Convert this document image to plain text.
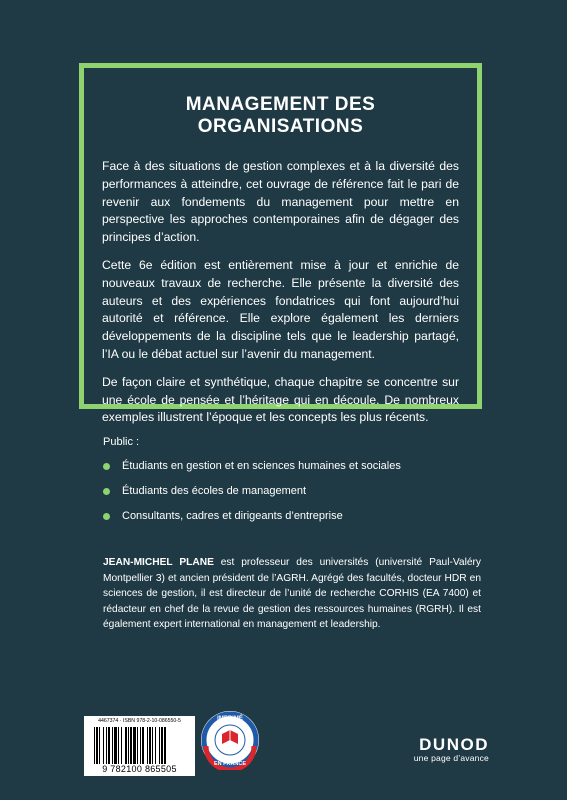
MANAGEMENT DES ORGANISATIONS

Face à des situations de gestion complexes et à la diversité des performances à atteindre, cet ouvrage de référence fait le pari de revenir aux fondements du management pour mettre en perspective les approches contemporaines afin de dégager des principes d’action.

Cette 6e édition est entièrement mise à jour et enrichie de nouveaux travaux de recherche. Elle présente la diversité des auteurs et des expériences fondatrices qui font aujourd’hui autorité et référence. Elle explore également les derniers développements de la discipline tels que le leadership partagé, l’IA ou le débat actuel sur l’avenir du management.

De façon claire et synthétique, chaque chapitre se concentre sur une école de pensée et l’héritage qui en découle. De nombreux exemples illustrent l’époque et les concepts les plus récents.

Public :
Étudiants en gestion et en sciences humaines et sociales
Étudiants des écoles de management
Consultants, cadres et dirigeants d’entreprise
JEAN-MICHEL PLANE est professeur des universités (université Paul-Valéry Montpellier 3) et ancien président de l’AGRH. Agrégé des facultés, docteur HDR en sciences de gestion, il est directeur de l’unité de recherche CORHIS (EA 7400) et rédacteur en chef de la revue de gestion des ressources humaines (RGRH). Il est également expert international en management et leadership.
4467374 · ISBN 978-2-10-086550-5
9 782100 865505
IMPRIMÉ
EN FRANCE
DUNOD
une page d’avance
